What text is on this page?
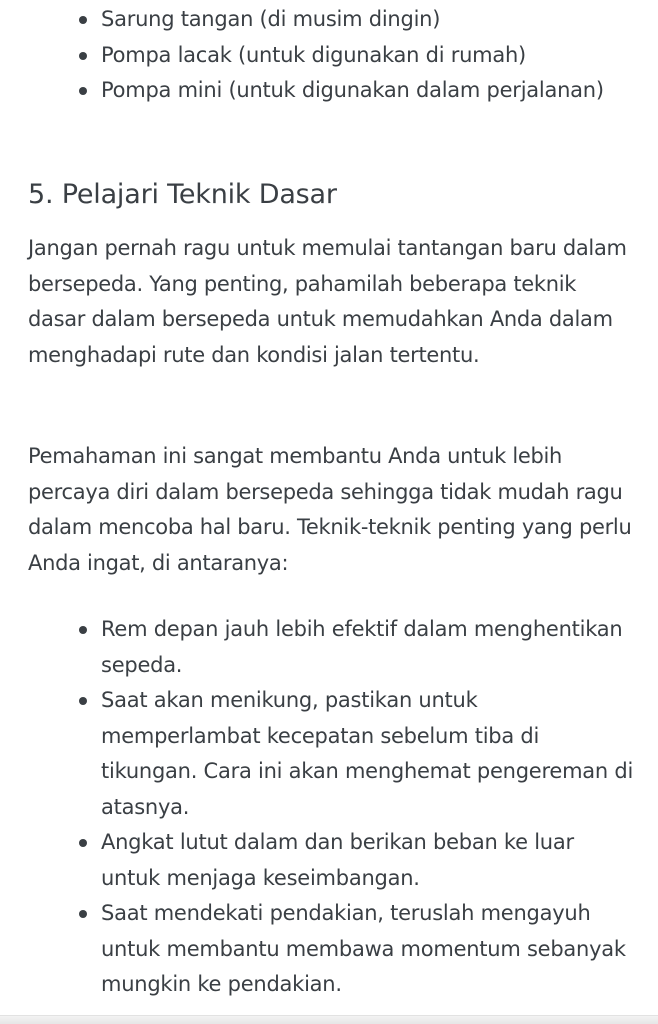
Sarung tangan (di musim dingin)
Pompa lacak (untuk digunakan di rumah)
Pompa mini (untuk digunakan dalam perjalanan)
5. Pelajari Teknik Dasar

Jangan pernah ragu untuk memulai tantangan baru dalam bersepeda. Yang penting, pahamilah beberapa teknik dasar dalam bersepeda untuk memudahkan Anda dalam menghadapi rute dan kondisi jalan tertentu.

Pemahaman ini sangat membantu Anda untuk lebih percaya diri dalam bersepeda sehingga tidak mudah ragu dalam mencoba hal baru. Teknik-teknik penting yang perlu Anda ingat, di antaranya:

Rem depan jauh lebih efektif dalam menghentikan sepeda.
Saat akan menikung, pastikan untuk memperlambat kecepatan sebelum tiba di tikungan. Cara ini akan menghemat pengereman di atasnya.
Angkat lutut dalam dan berikan beban ke luar untuk menjaga keseimbangan.
Saat mendekati pendakian, teruslah mengayuh untuk membantu membawa momentum sebanyak mungkin ke pendakian.
